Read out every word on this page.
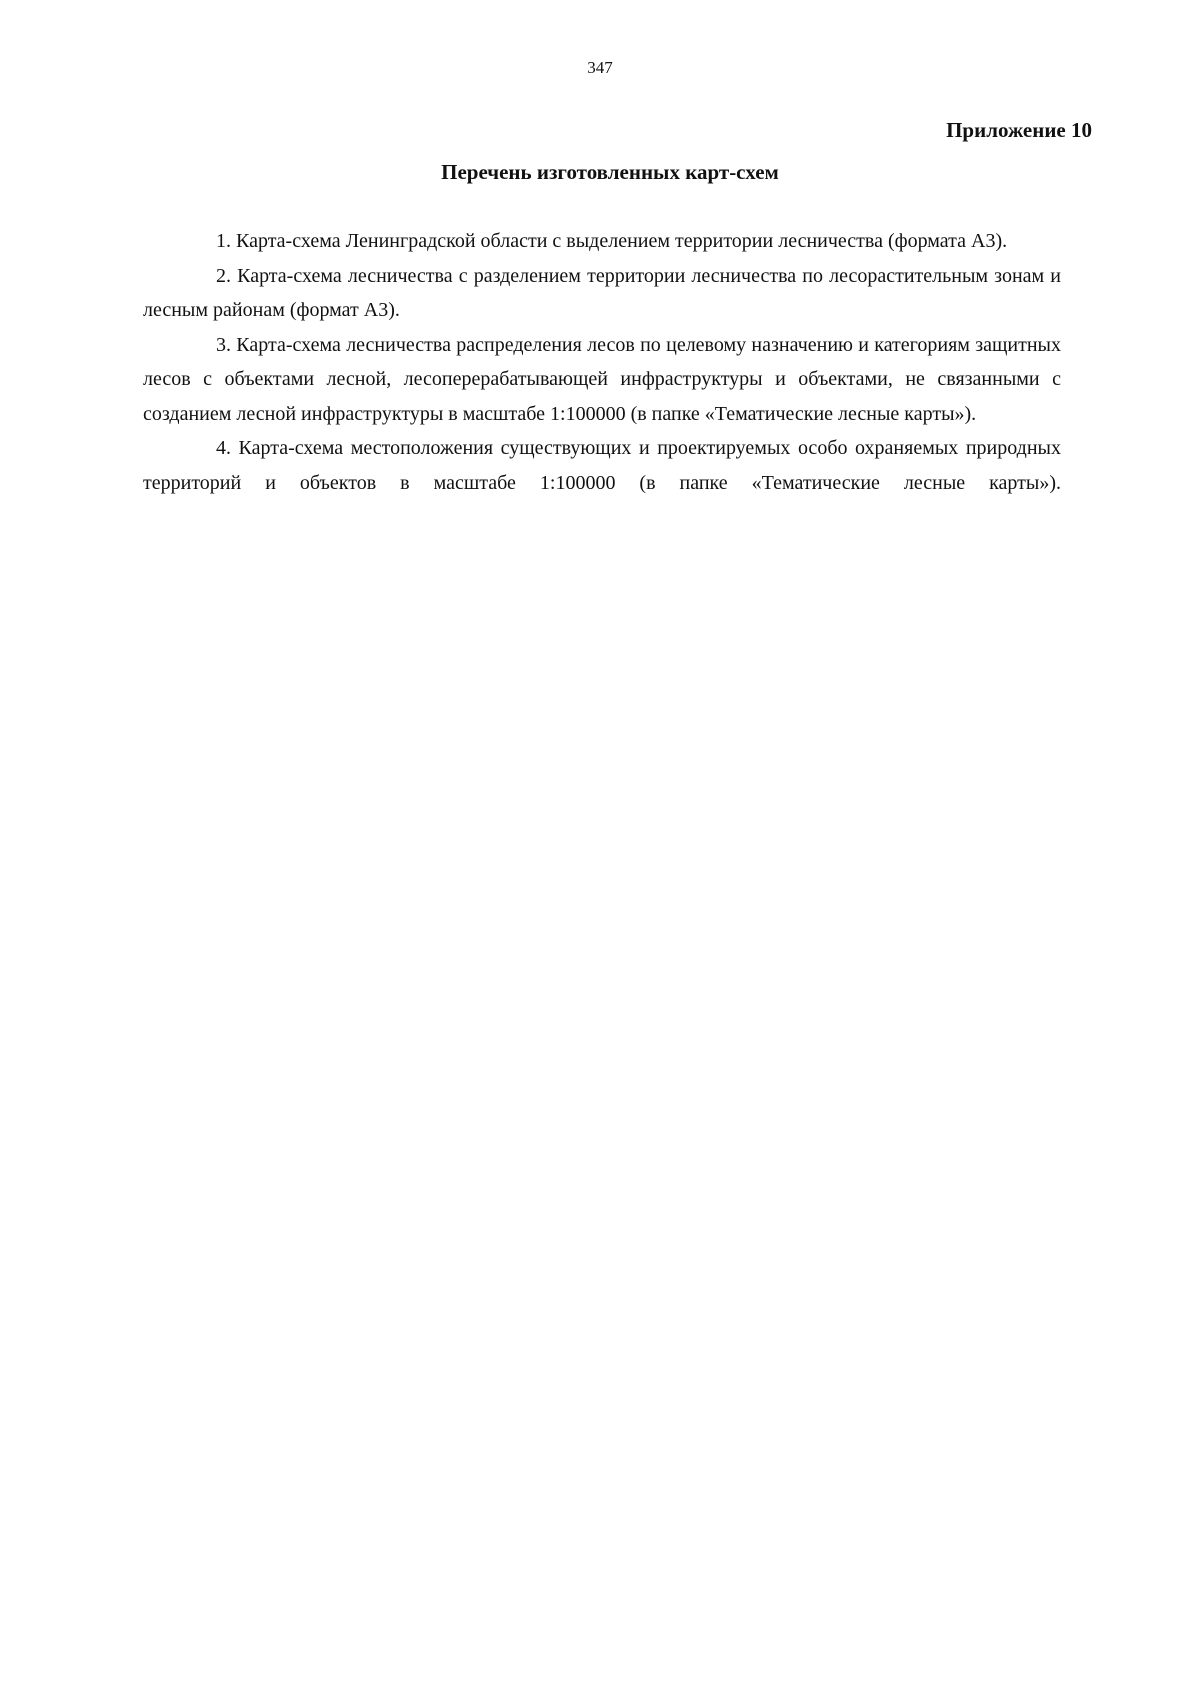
347
Приложение 10
Перечень изготовленных карт-схем

1. Карта-схема Ленинградской области с выделением территории лесничества (формата А3).

2. Карта-схема лесничества с разделением территории лесничества по лесорастительным зонам и лесным районам (формат А3).

3. Карта-схема лесничества распределения лесов по целевому назначению и категориям защитных лесов с объектами лесной, лесоперерабатывающей инфраструктуры и объектами, не связанными с созданием лесной инфраструктуры в масштабе 1:100000 (в папке «Тематические лесные карты»).

4. Карта-схема местоположения существующих и проектируемых особо охраняемых природных территорий и объектов в масштабе 1:100000 (в папке «Тематические лесные карты»).
